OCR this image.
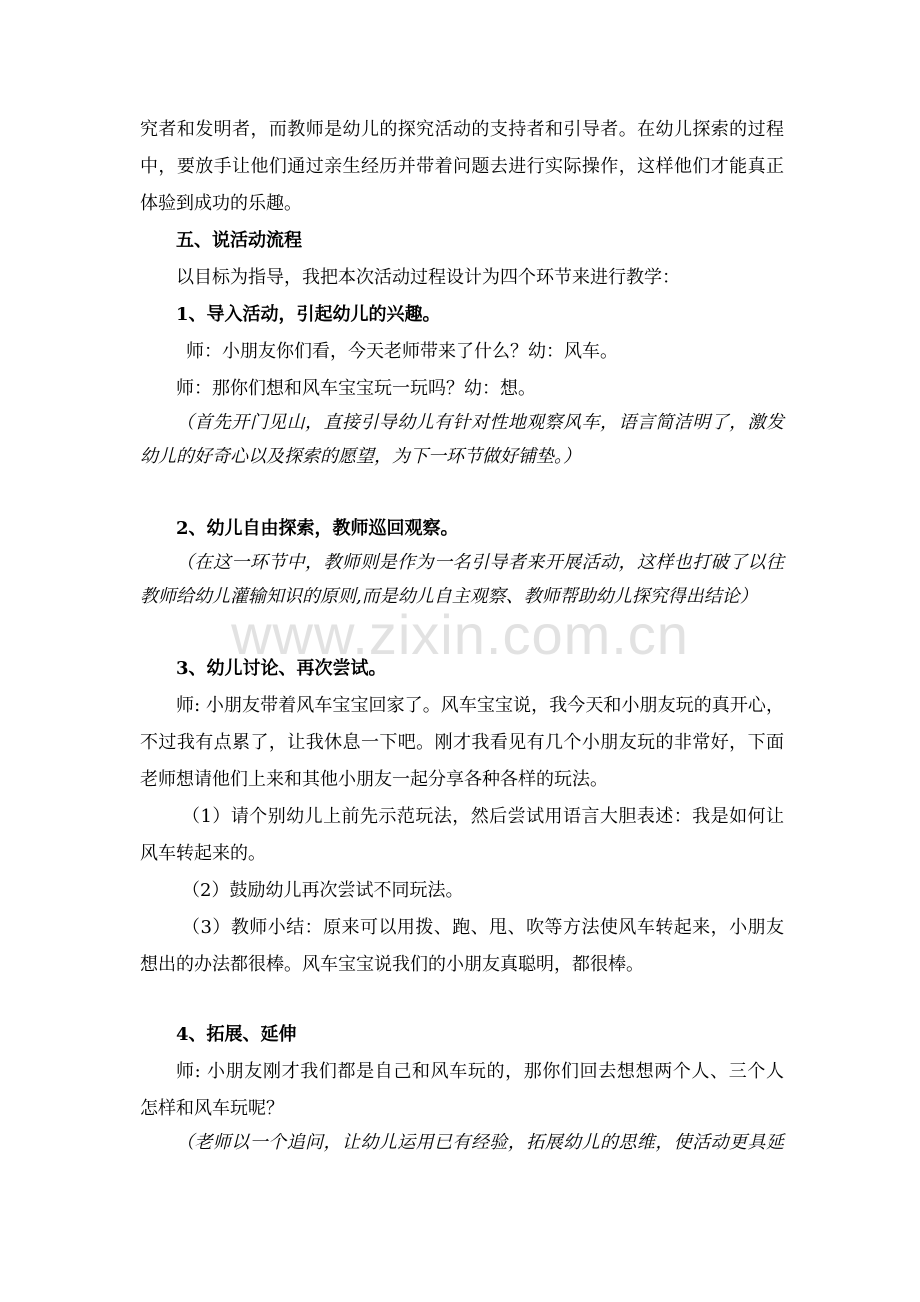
www.zixin.com.cn
究者和发明者，而教师是幼儿的探究活动的支持者和引导者。在幼儿探索的过程
中，要放手让他们通过亲生经历并带着问题去进行实际操作，这样他们才能真正
体验到成功的乐趣。
五、说活动流程
以目标为指导，我把本次活动过程设计为四个环节来进行教学：
1、导入活动，引起幼儿的兴趣。
师：小朋友你们看，今天老师带来了什么？幼：风车。
师：那你们想和风车宝宝玩一玩吗？幼：想。
（首先开门见山，直接引导幼儿有针对性地观察风车，语言简洁明了，激发
幼儿的好奇心以及探索的愿望，为下一环节做好铺垫。）
2、幼儿自由探索，教师巡回观察。
（在这一环节中，教师则是作为一名引导者来开展活动，这样也打破了以往
教师给幼儿灌输知识的原则,而是幼儿自主观察、教师帮助幼儿探究得出结论）
3、幼儿讨论、再次尝试。
师: 小朋友带着风车宝宝回家了。风车宝宝说，我今天和小朋友玩的真开心，
不过我有点累了，让我休息一下吧。刚才我看见有几个小朋友玩的非常好，下面
老师想请他们上来和其他小朋友一起分享各种各样的玩法。
（1）请个别幼儿上前先示范玩法，然后尝试用语言大胆表述：我是如何让
风车转起来的。
（2）鼓励幼儿再次尝试不同玩法。
（3）教师小结：原来可以用拨、跑、甩、吹等方法使风车转起来，小朋友
想出的办法都很棒。风车宝宝说我们的小朋友真聪明，都很棒。
4、拓展、延伸
师: 小朋友刚才我们都是自己和风车玩的，那你们回去想想两个人、三个人
怎样和风车玩呢？
（老师以一个追问，让幼儿运用已有经验，拓展幼儿的思维，使活动更具延
